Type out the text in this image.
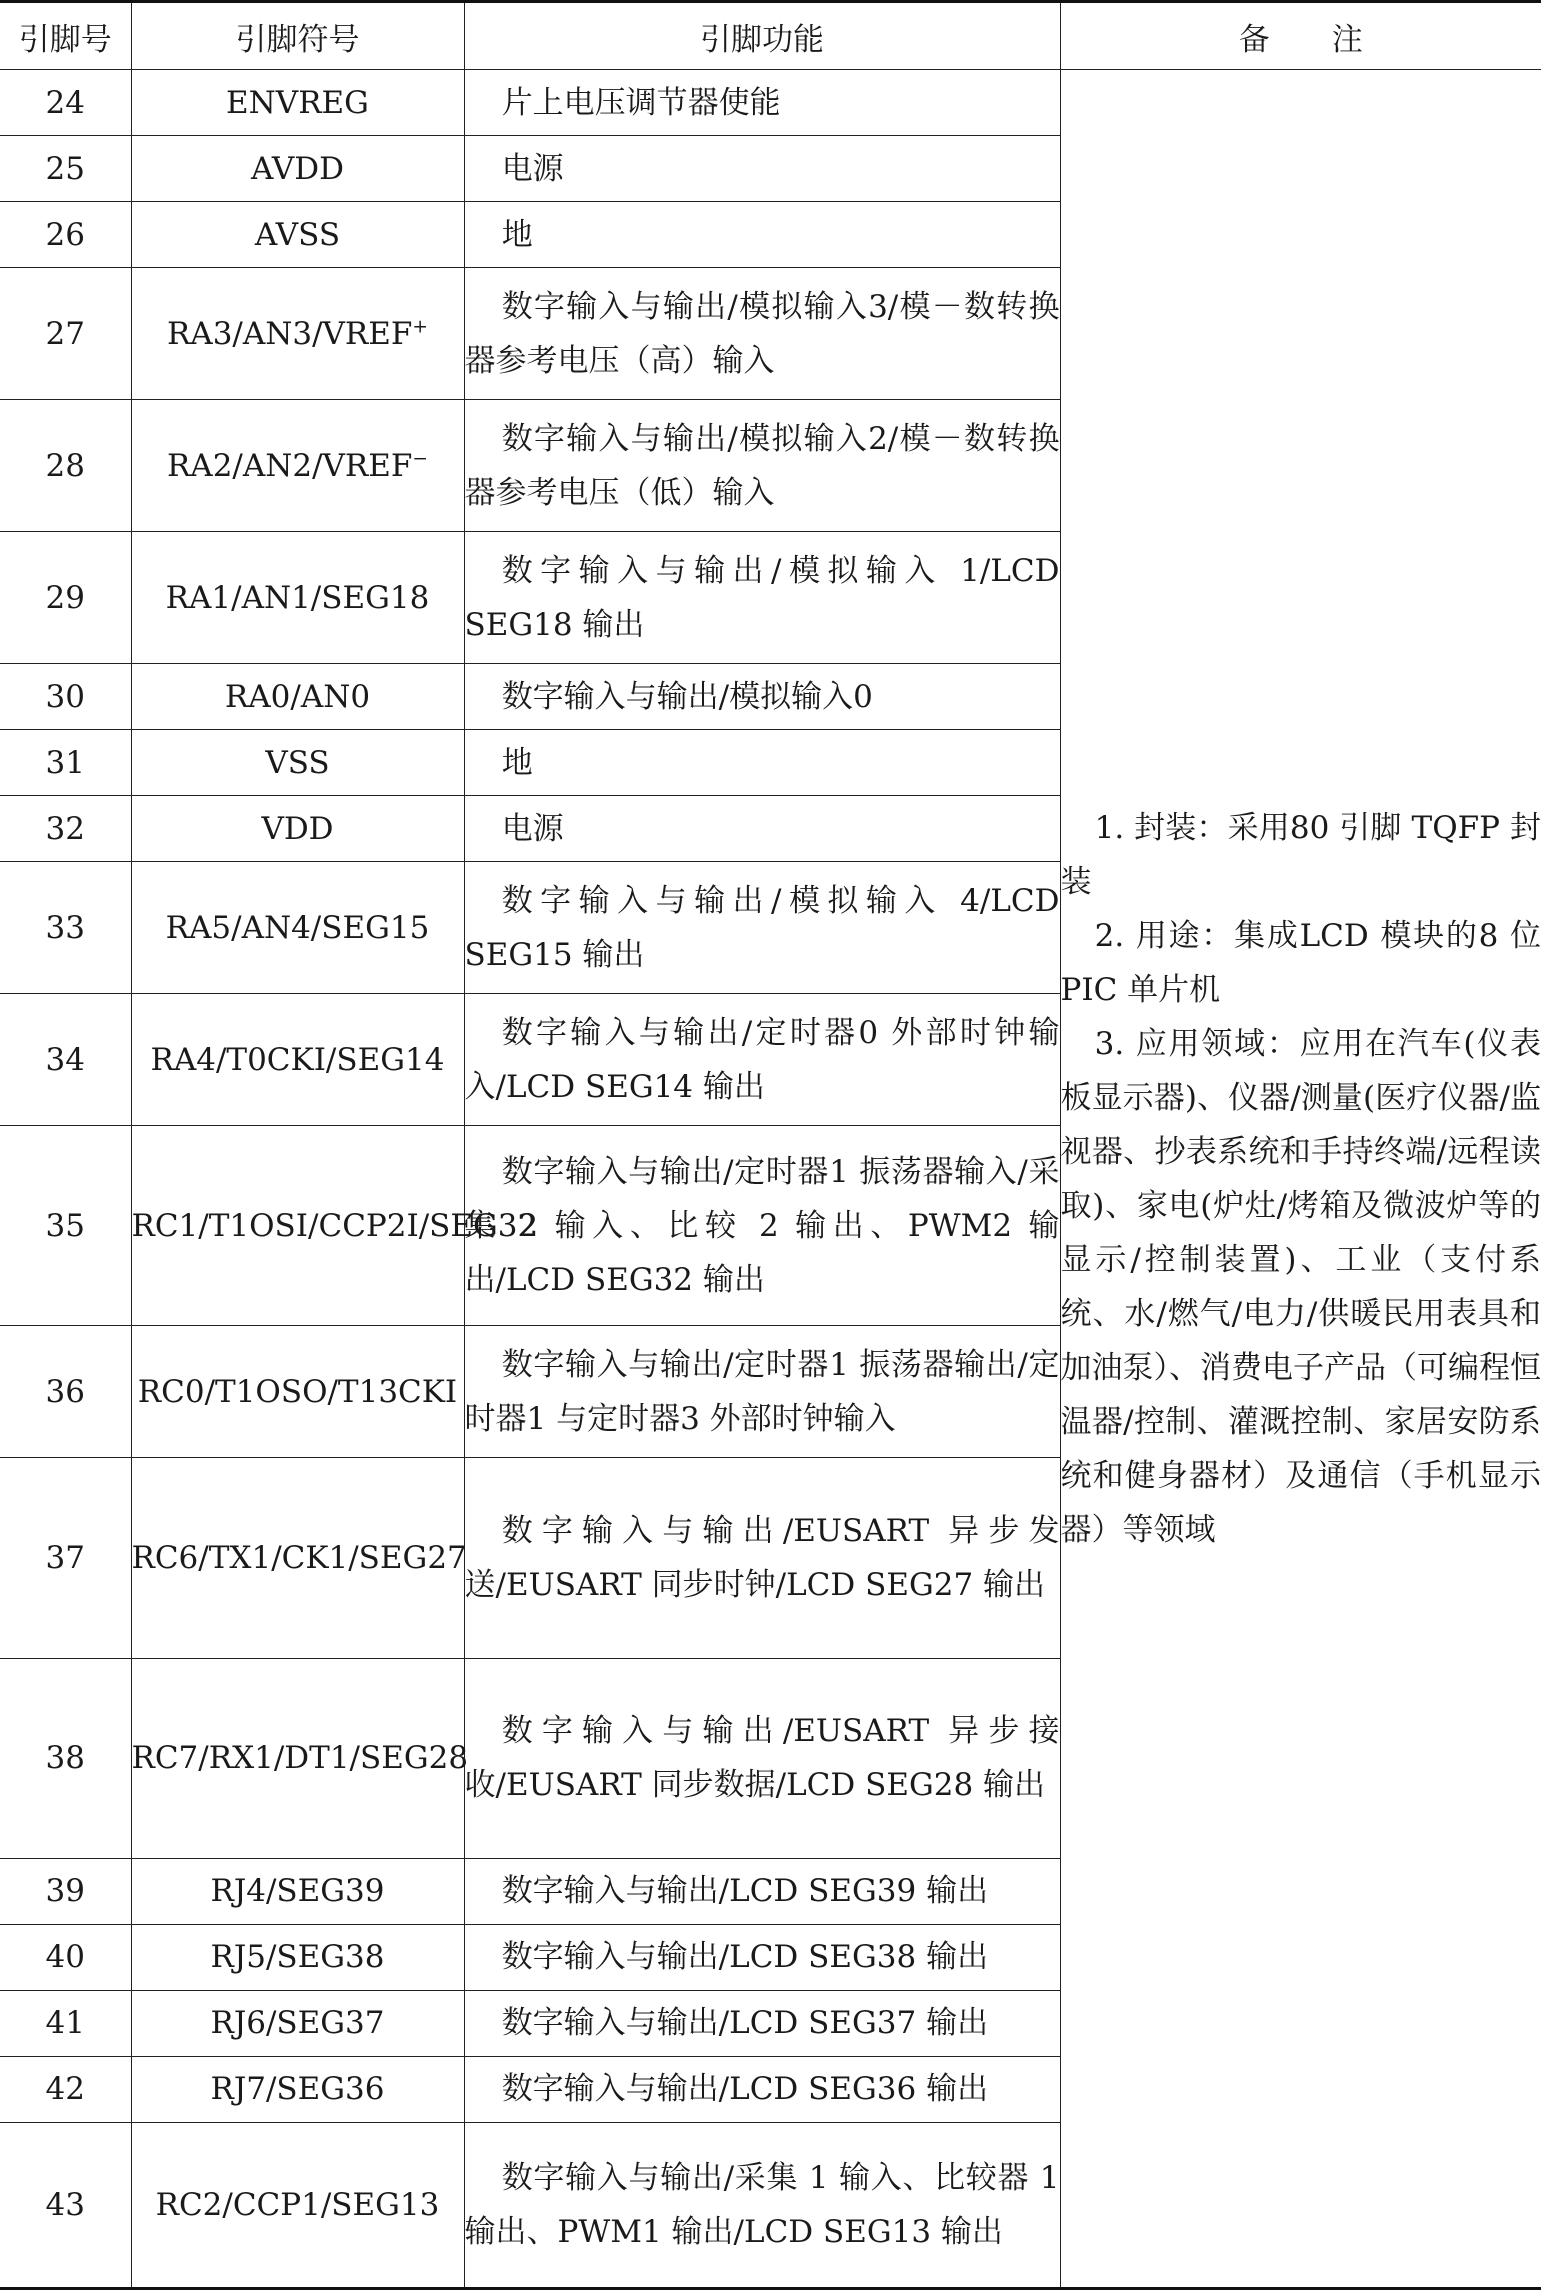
引脚号	引脚符号	引脚功能	备　　注
24	ENVREG	片上电压调节器使能	1. 封装：采用80 引脚 TQFP 封装
2. 用途：集成LCD 模块的8 位 PIC 单片机
3. 应用领域：应用在汽车(仪表板显示器)、仪器/测量(医疗仪器/监视器、抄表系统和手持终端/远程读取)、家电(炉灶/烤箱及微波炉等的显示/控制装置)、工业（支付系统、水/燃气/电力/供暖民用表具和加油泵）、消费电子产品（可编程恒温器/控制、灌溉控制、家居安防系统和健身器材）及通信（手机显示器）等领域

25	AVDD	电源	

26	AVSS	地	

27	RA3/AN3/VREF+	数字输入与输出/模拟输入3/模－数转换器参考电压（高）输入	

28	RA2/AN2/VREF−	数字输入与输出/模拟输入2/模－数转换器参考电压（低）输入	

29	RA1/AN1/SEG18	数字输入与输出/模拟输入 1/LCD SEG18 输出	

30	RA0/AN0	数字输入与输出/模拟输入0	

31	VSS	地	

32	VDD	电源	

33	RA5/AN4/SEG15	数字输入与输出/模拟输入 4/LCD SEG15 输出	

34	RA4/T0CKI/SEG14	数字输入与输出/定时器0 外部时钟输入/LCD SEG14 输出	

35	RC1/T1OSI/CCP2I/SEG32	数字输入与输出/定时器1 振荡器输入/采集 2 输入、比较 2 输出、PWM2 输出/LCD SEG32 输出	

36	RC0/T1OSO/T13CKI	数字输入与输出/定时器1 振荡器输出/定时器1 与定时器3 外部时钟输入	

37	RC6/TX1/CK1/SEG27	数字输入与输出/EUSART 异步发送/EUSART 同步时钟/LCD SEG27 输出	

38	RC7/RX1/DT1/SEG28	数字输入与输出/EUSART 异步接收/EUSART 同步数据/LCD SEG28 输出	

39	RJ4/SEG39	数字输入与输出/LCD SEG39 输出	

40	RJ5/SEG38	数字输入与输出/LCD SEG38 输出	

41	RJ6/SEG37	数字输入与输出/LCD SEG37 输出	

42	RJ7/SEG36	数字输入与输出/LCD SEG36 输出	

43	RC2/CCP1/SEG13	数字输入与输出/采集 1 输入、比较器 1 输出、PWM1 输出/LCD SEG13 输出	
